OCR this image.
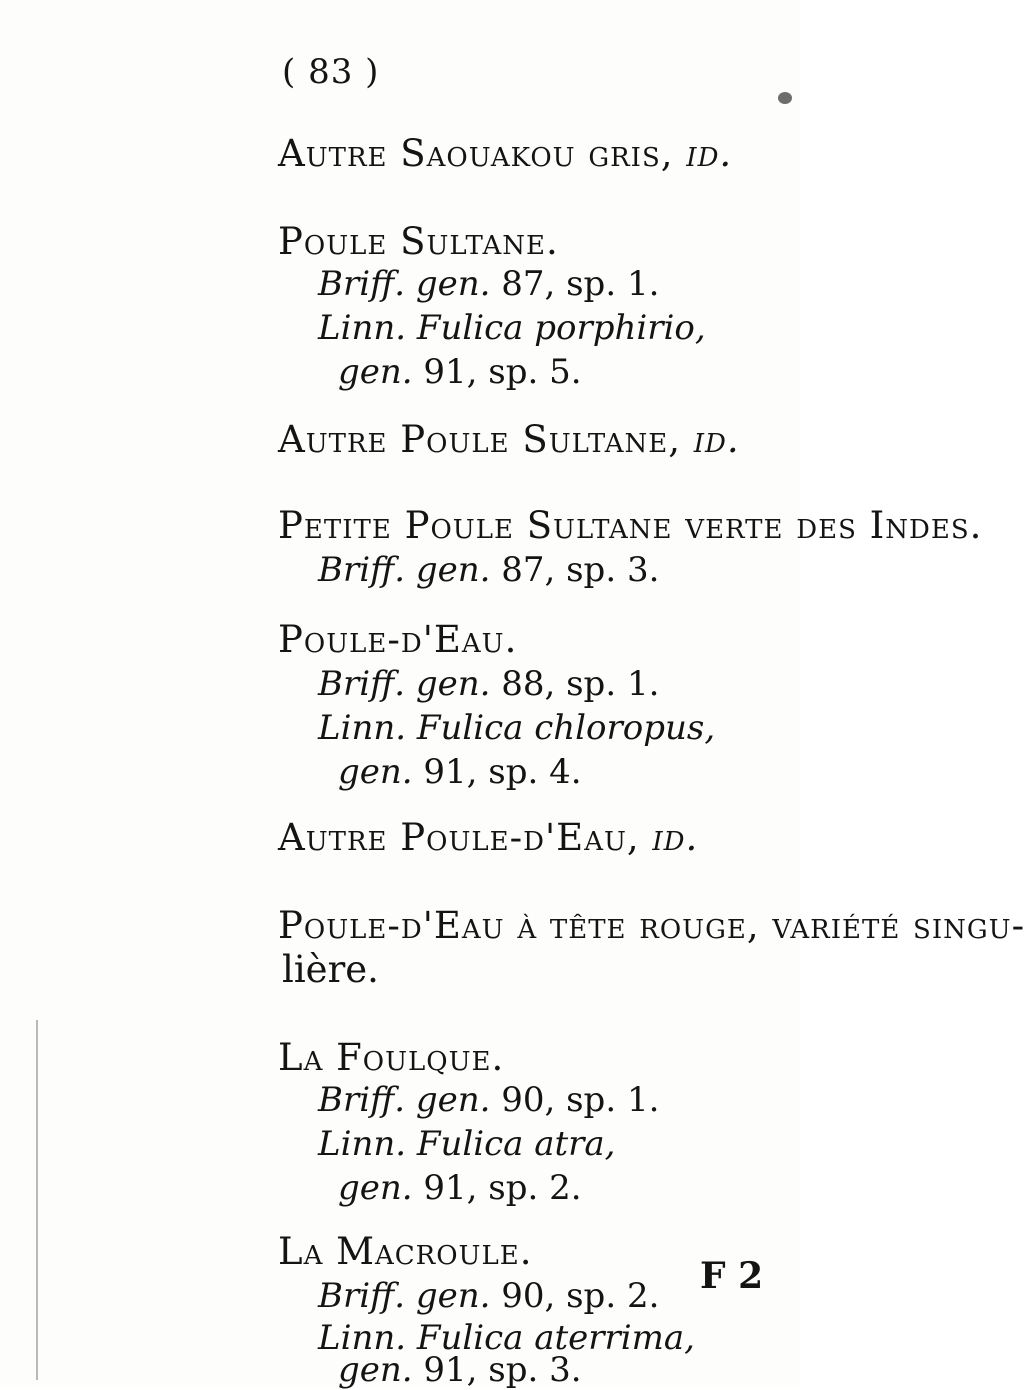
( 83 )
Autre Saouakou gris, id.
Poule Sultane.
Briff. gen. 87, sp. 1.
Linn. Fulica porphirio,
gen. 91, sp. 5.
Autre Poule Sultane, id.
Petite Poule Sultane verte des Indes.
Briff. gen. 87, sp. 3.
Poule-d'Eau.
Briff. gen. 88, sp. 1.
Linn. Fulica chloropus,
gen. 91, sp. 4.
Autre Poule-d'Eau, id.
Poule-d'Eau à tête rouge, variété singu-
lière.
La Foulque.
Briff. gen. 90, sp. 1.
Linn. Fulica atra,
gen. 91, sp. 2.
La Macroule.
Briff. gen. 90, sp. 2.
Linn. Fulica aterrima,
gen. 91, sp. 3.
F 2
